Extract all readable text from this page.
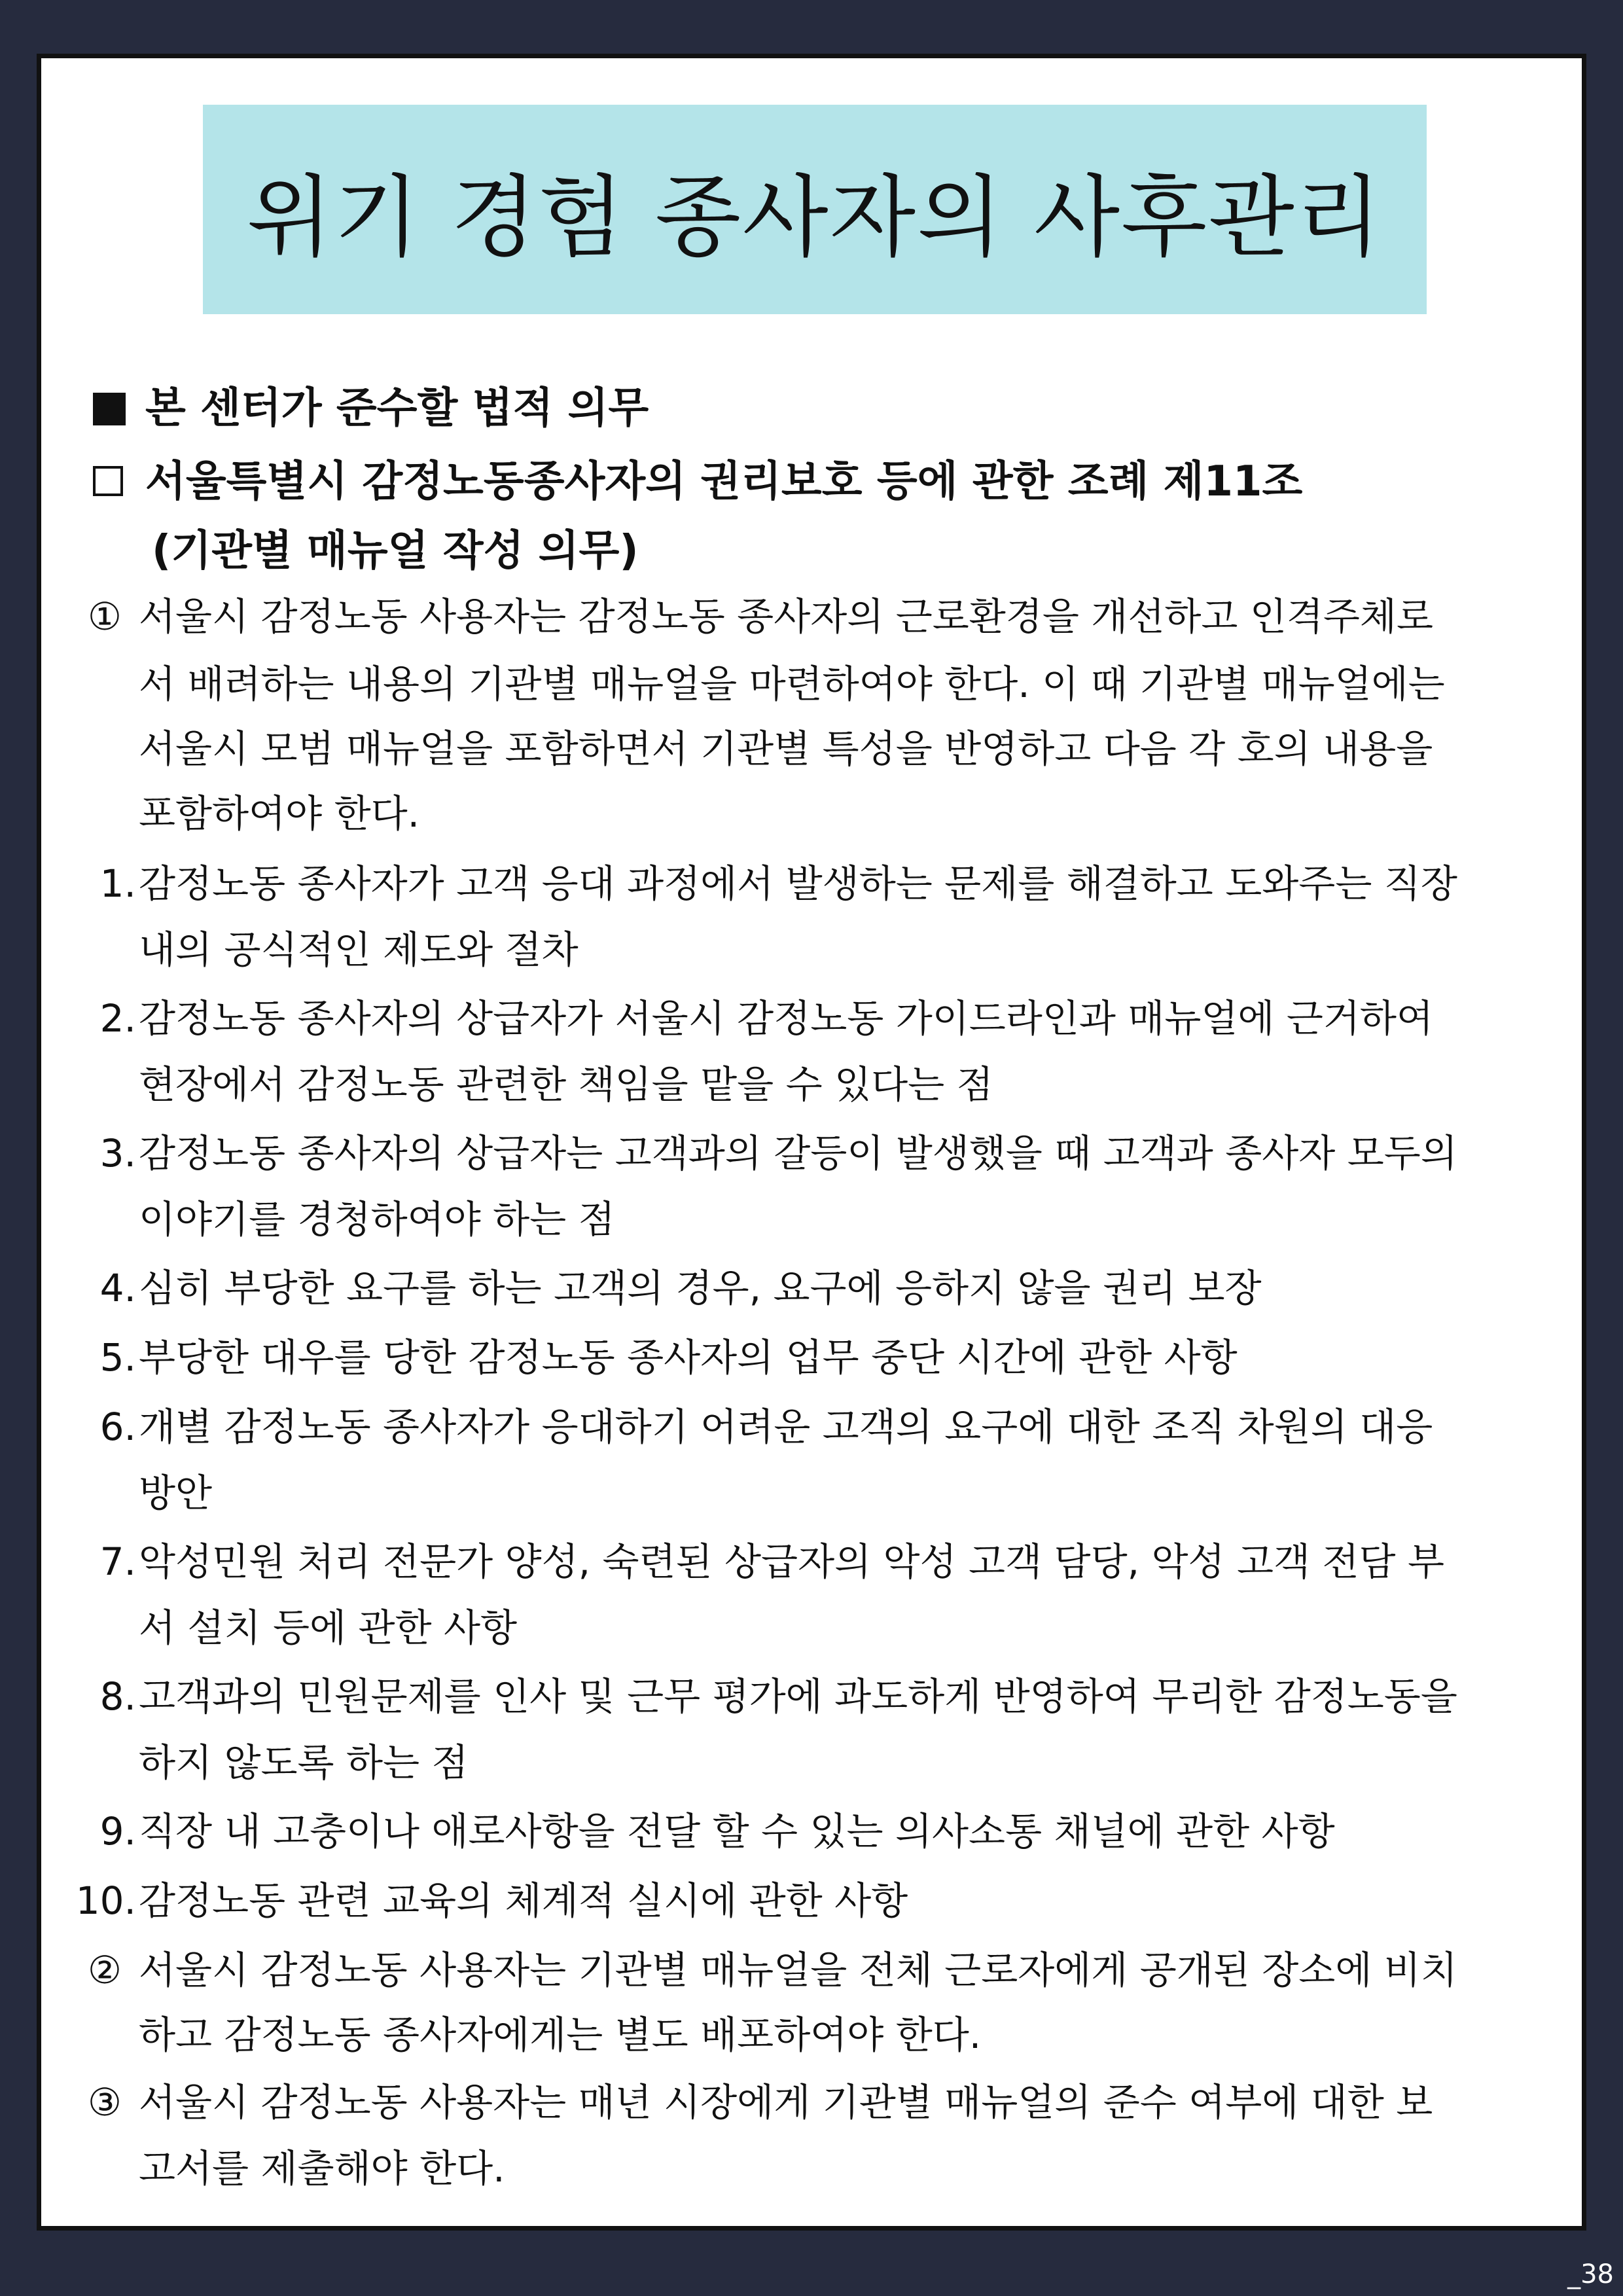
위기 경험 종사자의 사후관리
본 센터가 준수할 법적 의무
서울특별시 감정노동종사자의 권리보호 등에 관한 조례 제11조
(기관별 매뉴얼 작성 의무)
① 서울시 감정노동 사용자는 감정노동 종사자의 근로환경을 개선하고 인격주체로
서 배려하는 내용의 기관별 매뉴얼을 마련하여야 한다. 이 때 기관별 매뉴얼에는
서울시 모범 매뉴얼을 포함하면서 기관별 특성을 반영하고 다음 각 호의 내용을
포함하여야 한다.
1. 감정노동 종사자가 고객 응대 과정에서 발생하는 문제를 해결하고 도와주는 직장
내의 공식적인 제도와 절차
2. 감정노동 종사자의 상급자가 서울시 감정노동 가이드라인과 매뉴얼에 근거하여
현장에서 감정노동 관련한 책임을 맡을 수 있다는 점
3. 감정노동 종사자의 상급자는 고객과의 갈등이 발생했을 때 고객과 종사자 모두의
이야기를 경청하여야 하는 점
4. 심히 부당한 요구를 하는 고객의 경우, 요구에 응하지 않을 권리 보장
5. 부당한 대우를 당한 감정노동 종사자의 업무 중단 시간에 관한 사항
6. 개별 감정노동 종사자가 응대하기 어려운 고객의 요구에 대한 조직 차원의 대응
방안
7. 악성민원 처리 전문가 양성, 숙련된 상급자의 악성 고객 담당, 악성 고객 전담 부
서 설치 등에 관한 사항
8. 고객과의 민원문제를 인사 및 근무 평가에 과도하게 반영하여 무리한 감정노동을
하지 않도록 하는 점
9. 직장 내 고충이나 애로사항을 전달 할 수 있는 의사소통 채널에 관한 사항
10. 감정노동 관련 교육의 체계적 실시에 관한 사항
② 서울시 감정노동 사용자는 기관별 매뉴얼을 전체 근로자에게 공개된 장소에 비치
하고 감정노동 종사자에게는 별도 배포하여야 한다.
③ 서울시 감정노동 사용자는 매년 시장에게 기관별 매뉴얼의 준수 여부에 대한 보
고서를 제출해야 한다.
_38
